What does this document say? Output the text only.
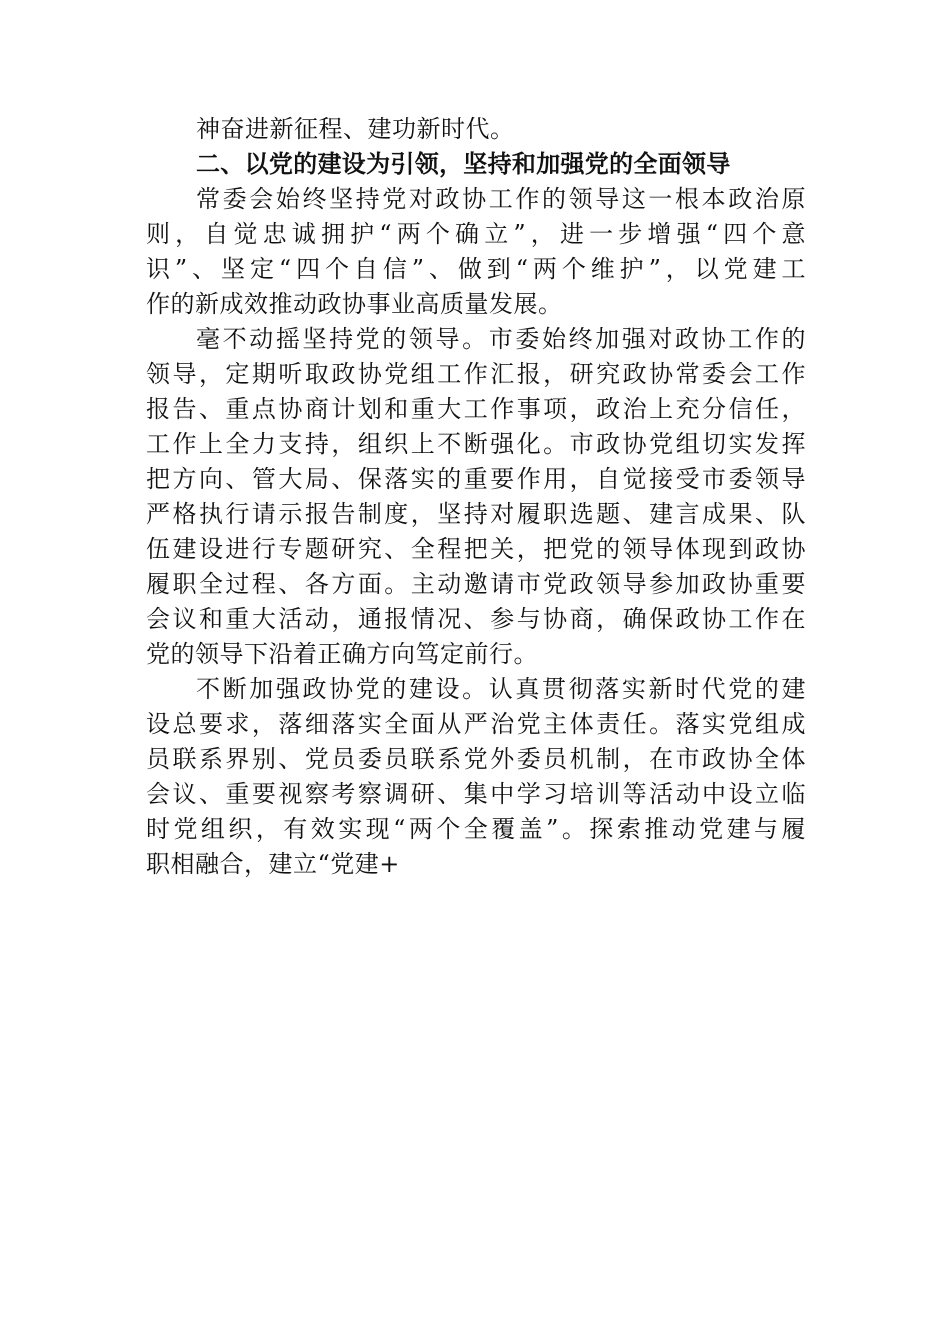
神奋进新征程、建功新时代。
二、以党的建设为引领，坚持和加强党的全面领导
常委会始终坚持党对政协工作的领导这一根本政治原
则，自觉忠诚拥护“两个确立”，进一步增强“四个意
识”、坚定“四个自信”、做到“两个维护”，以党建工
作的新成效推动政协事业高质量发展。
毫不动摇坚持党的领导。市委始终加强对政协工作的
领导，定期听取政协党组工作汇报，研究政协常委会工作
报告、重点协商计划和重大工作事项，政治上充分信任，
工作上全力支持，组织上不断强化。市政协党组切实发挥
把方向、管大局、保落实的重要作用，自觉接受市委领导
严格执行请示报告制度，坚持对履职选题、建言成果、队
伍建设进行专题研究、全程把关，把党的领导体现到政协
履职全过程、各方面。主动邀请市党政领导参加政协重要
会议和重大活动，通报情况、参与协商，确保政协工作在
党的领导下沿着正确方向笃定前行。
不断加强政协党的建设。认真贯彻落实新时代党的建
设总要求，落细落实全面从严治党主体责任。落实党组成
员联系界别、党员委员联系党外委员机制，在市政协全体
会议、重要视察考察调研、集中学习培训等活动中设立临
时党组织，有效实现“两个全覆盖”。探索推动党建与履
职相融合，建立“党建+
